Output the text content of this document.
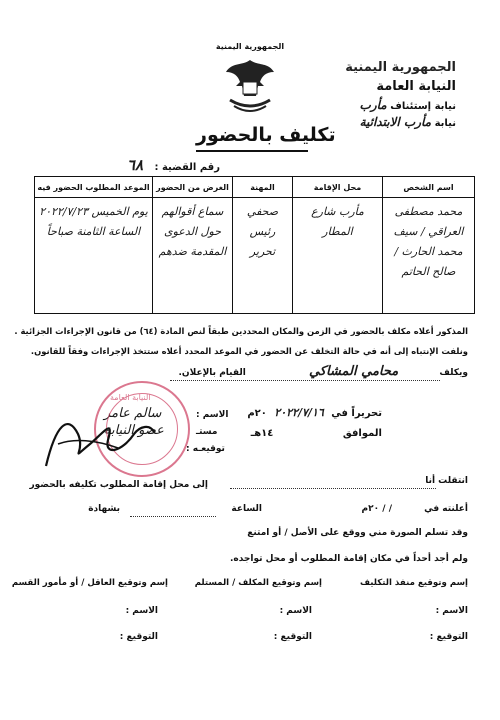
الجمهورية اليمنية
النيابة العامة
نيابة إستئناف مأرب
نيابة مأرب الابتدائية
الجمهورية اليمنية
تكليف بالحضور
رقم القضية : ٦٨
اسم الشخص	محل الإقامة	المهنة	الغرض من الحضور	الموعد المطلوب الحضور فيه
محمد مصطفى العراقي / سيف محمد الحارث / صالح الحاتم	مأرب شارع المطار	صحفي رئيس تحرير	سماع أقوالهم حول الدعوى المقدمة ضدهم	يوم الخميس ٢٠٢٢/٧/٢٣ الساعة الثامنة صباحاً
المذكور أعلاه مكلف بالحضور في الزمن والمكان المحددين طبقاً لنص المادة (٦٤) من قانون الإجراءات الجزائية .
ونلفت الإنتباه إلى أنه في حالة التخلف عن الحضور في الموعد المحدد أعلاه ستتخذ الإجراءات وفقاً للقانون.
ويكلف محامي المشاكي القيام بالإعلان.
تحريراً في ٢٠٢٢/٧/١٦ ٢٠م
الموافق ١٤هـ
الاسم :
سالم عامر
مستـ
عضو النيابة
توقيعـه :
النيابة العامة
انتقلت أنا
إلى محل إقامة المطلوب تكليفه بالحضور
أعلنته في
/ / ٢٠م
الساعة
بشهادة
وقد تسلم الصورة مني ووقع على الأصل / أو امتنع
ولم أجد أحداً في مكان إقامة المطلوب أو محل تواجده.
إسم وتوقيع منفذ التكليف
إسم وتوقيع المكلف / المستلم
إسم وتوقيع العاقل / أو مأمور القسم
الاسم :
الاسم :
الاسم :
التوقيع :
التوقيع :
التوقيع :
